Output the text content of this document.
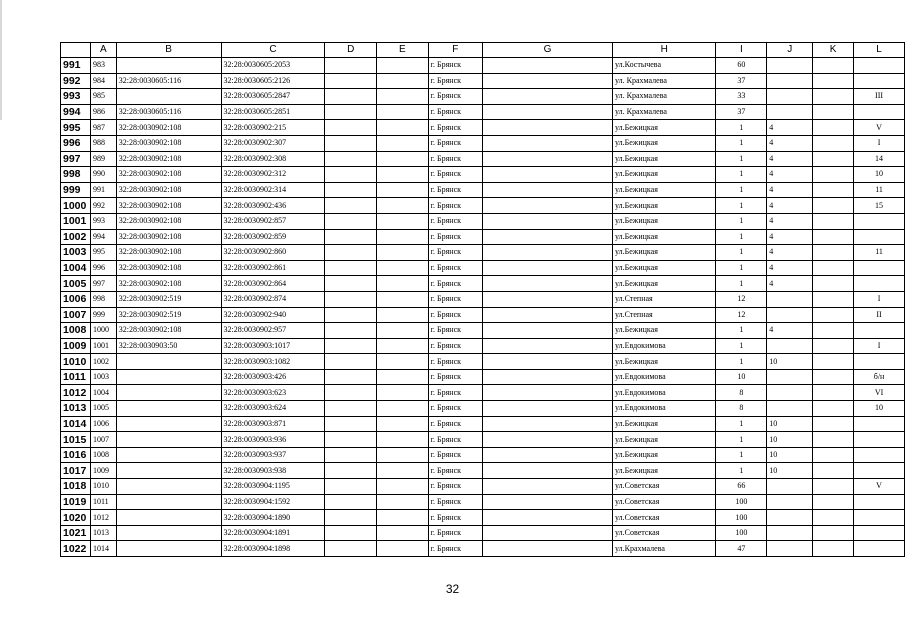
	A	B	C	D	E	F	G	H	I	J	K	L
991	983		32:28:0030605:2053			г. Брянск		ул.Костычева	60			
992	984	32:28:0030605:116	32:28:0030605:2126			г. Брянск		ул. Крахмалева	37			
993	985		32:28:0030605:2847			г. Брянск		ул. Крахмалева	33			III
994	986	32:28:0030605:116	32:28:0030605:2851			г. Брянск		ул. Крахмалева	37			
995	987	32:28:0030902:108	32:28:0030902:215			г. Брянск		ул.Бежицкая	1	4		V
996	988	32:28:0030902:108	32:28:0030902:307			г. Брянск		ул.Бежицкая	1	4		I
997	989	32:28:0030902:108	32:28:0030902:308			г. Брянск		ул.Бежицкая	1	4		14
998	990	32:28:0030902:108	32:28:0030902:312			г. Брянск		ул.Бежицкая	1	4		10
999	991	32:28:0030902:108	32:28:0030902:314			г. Брянск		ул.Бежицкая	1	4		11
1000	992	32:28:0030902:108	32:28:0030902:436			г. Брянск		ул.Бежицкая	1	4		15
1001	993	32:28:0030902:108	32:28:0030902:857			г. Брянск		ул.Бежицкая	1	4		
1002	994	32:28:0030902:108	32:28:0030902:859			г. Брянск		ул.Бежицкая	1	4		
1003	995	32:28:0030902:108	32:28:0030902:860			г. Брянск		ул.Бежицкая	1	4		11
1004	996	32:28:0030902:108	32:28:0030902:861			г. Брянск		ул.Бежицкая	1	4		
1005	997	32:28:0030902:108	32:28:0030902:864			г. Брянск		ул.Бежицкая	1	4		
1006	998	32:28:0030902:519	32:28:0030902:874			г. Брянск		ул.Степная	12			I
1007	999	32:28:0030902:519	32:28:0030902:940			г. Брянск		ул.Степная	12			II
1008	1000	32:28:0030902:108	32:28:0030902:957			г. Брянск		ул.Бежицкая	1	4		
1009	1001	32:28:0030903:50	32:28:0030903:1017			г. Брянск		ул.Евдокимова	1			I
1010	1002		32:28:0030903:1082			г. Брянск		ул.Бежицкая	1	10		
1011	1003		32:28:0030903:426			г. Брянск		ул.Евдокимова	10			б/н
1012	1004		32:28:0030903:623			г. Брянск		ул.Евдокимова	8			VI
1013	1005		32:28:0030903:624			г. Брянск		ул.Евдокимова	8			10
1014	1006		32:28:0030903:871			г. Брянск		ул.Бежицкая	1	10		
1015	1007		32:28:0030903:936			г. Брянск		ул.Бежицкая	1	10		
1016	1008		32:28:0030903:937			г. Брянск		ул.Бежицкая	1	10		
1017	1009		32:28:0030903:938			г. Брянск		ул.Бежицкая	1	10		
1018	1010		32:28:0030904:1195			г. Брянск		ул.Советская	66			V
1019	1011		32:28:0030904:1592			г. Брянск		ул.Советская	100			
1020	1012		32:28:0030904:1890			г. Брянск		ул.Советская	100			
1021	1013		32:28:0030904:1891			г. Брянск		ул.Советская	100			
1022	1014		32:28:0030904:1898			г. Брянск		ул.Крахмалева	47			
32
